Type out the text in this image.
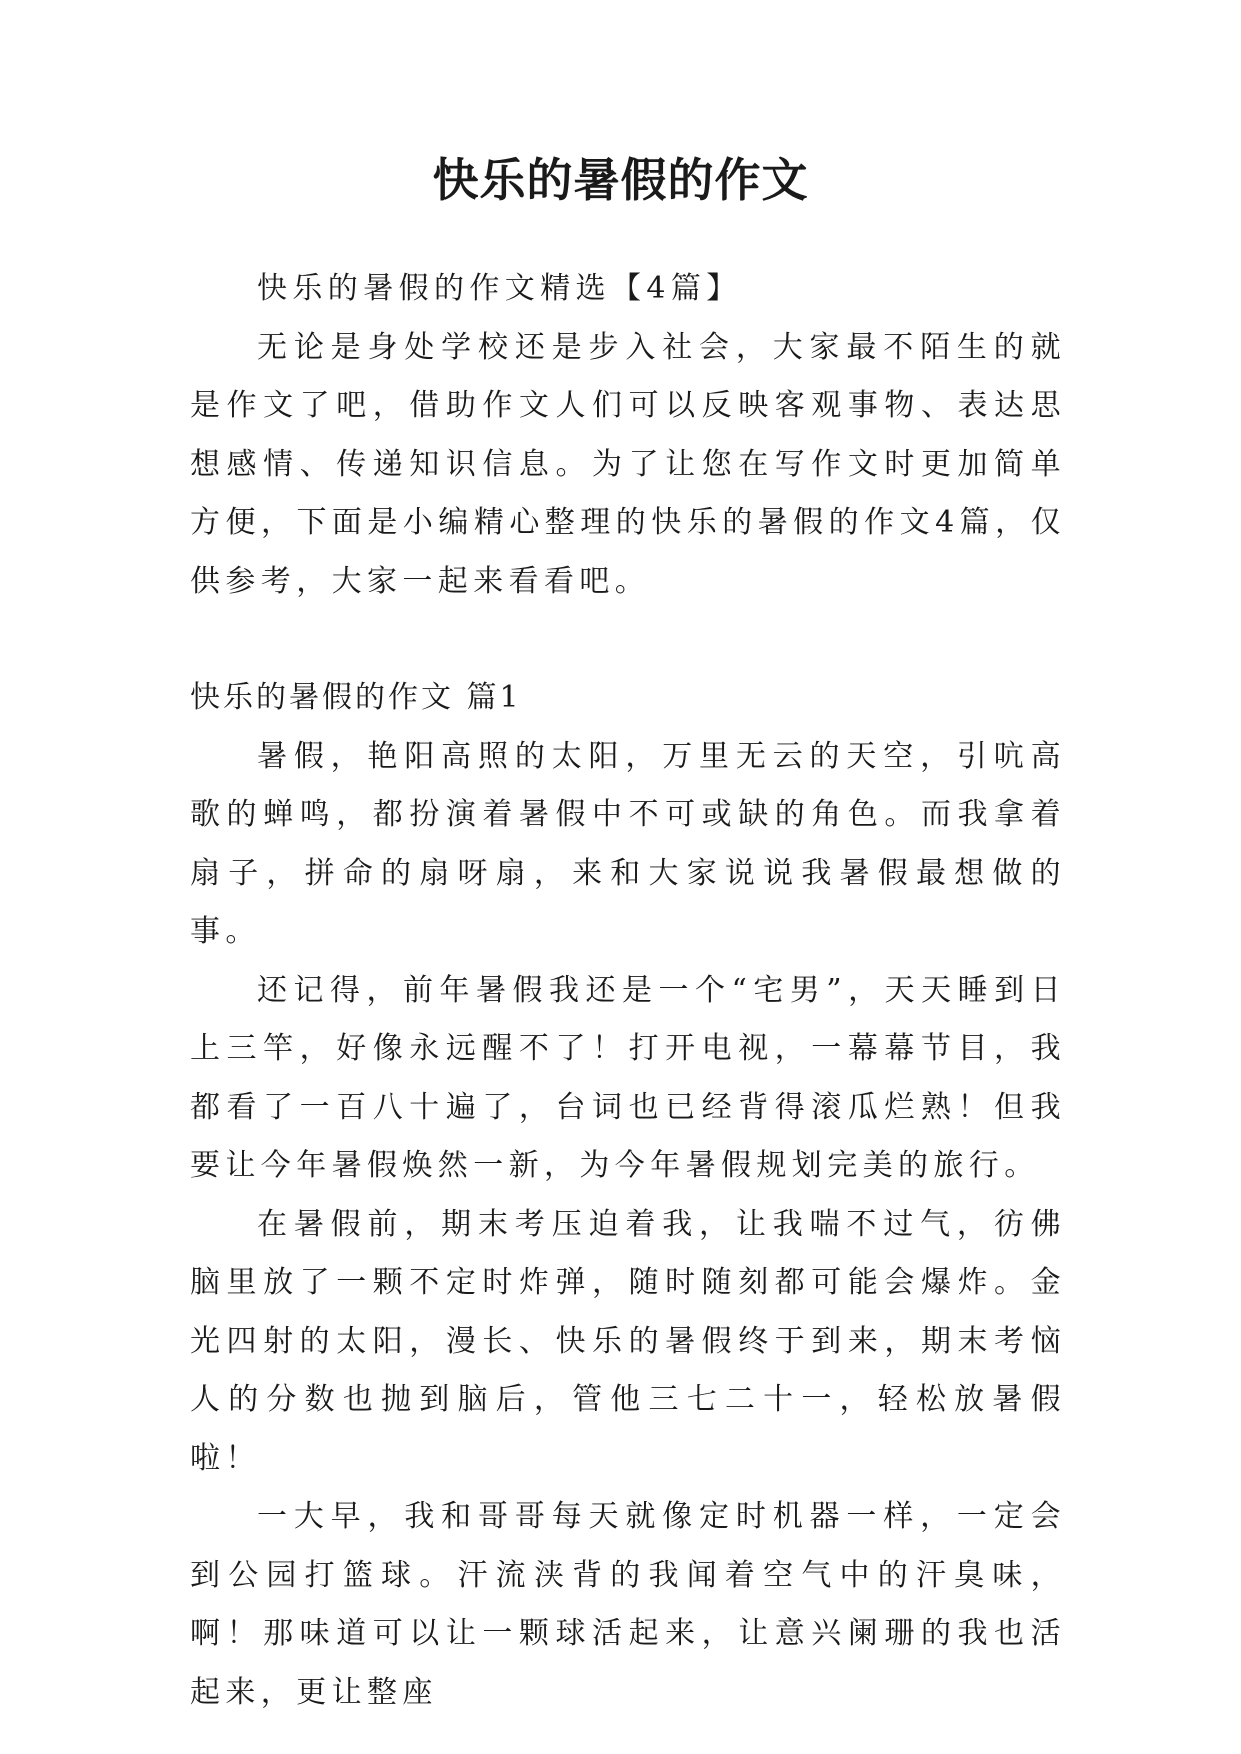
快乐的暑假的作文

快乐的暑假的作文精选【4篇】

无论是身处学校还是步入社会，大家最不陌生的就是作文了吧，借助作文人们可以反映客观事物、表达思想感情、传递知识信息。为了让您在写作文时更加简单方便，下面是小编精心整理的快乐的暑假的作文4篇，仅供参考，大家一起来看看吧。

快乐的暑假的作文 篇1

暑假，艳阳高照的太阳，万里无云的天空，引吭高歌的蝉鸣，都扮演着暑假中不可或缺的角色。而我拿着扇子，拼命的扇呀扇，来和大家说说我暑假最想做的事。

还记得，前年暑假我还是一个“宅男”，天天睡到日上三竿，好像永远醒不了！打开电视，一幕幕节目，我都看了一百八十遍了，台词也已经背得滚瓜烂熟！但我要让今年暑假焕然一新，为今年暑假规划完美的旅行。

在暑假前，期末考压迫着我，让我喘不过气，彷佛脑里放了一颗不定时炸弹，随时随刻都可能会爆炸。金光四射的太阳，漫长、快乐的暑假终于到来，期末考恼人的分数也抛到脑后，管他三七二十一，轻松放暑假啦！

一大早，我和哥哥每天就像定时机器一样，一定会到公园打篮球。汗流浃背的我闻着空气中的汗臭味，啊！那味道可以让一颗球活起来，让意兴阑珊的我也活起来，更让整座
